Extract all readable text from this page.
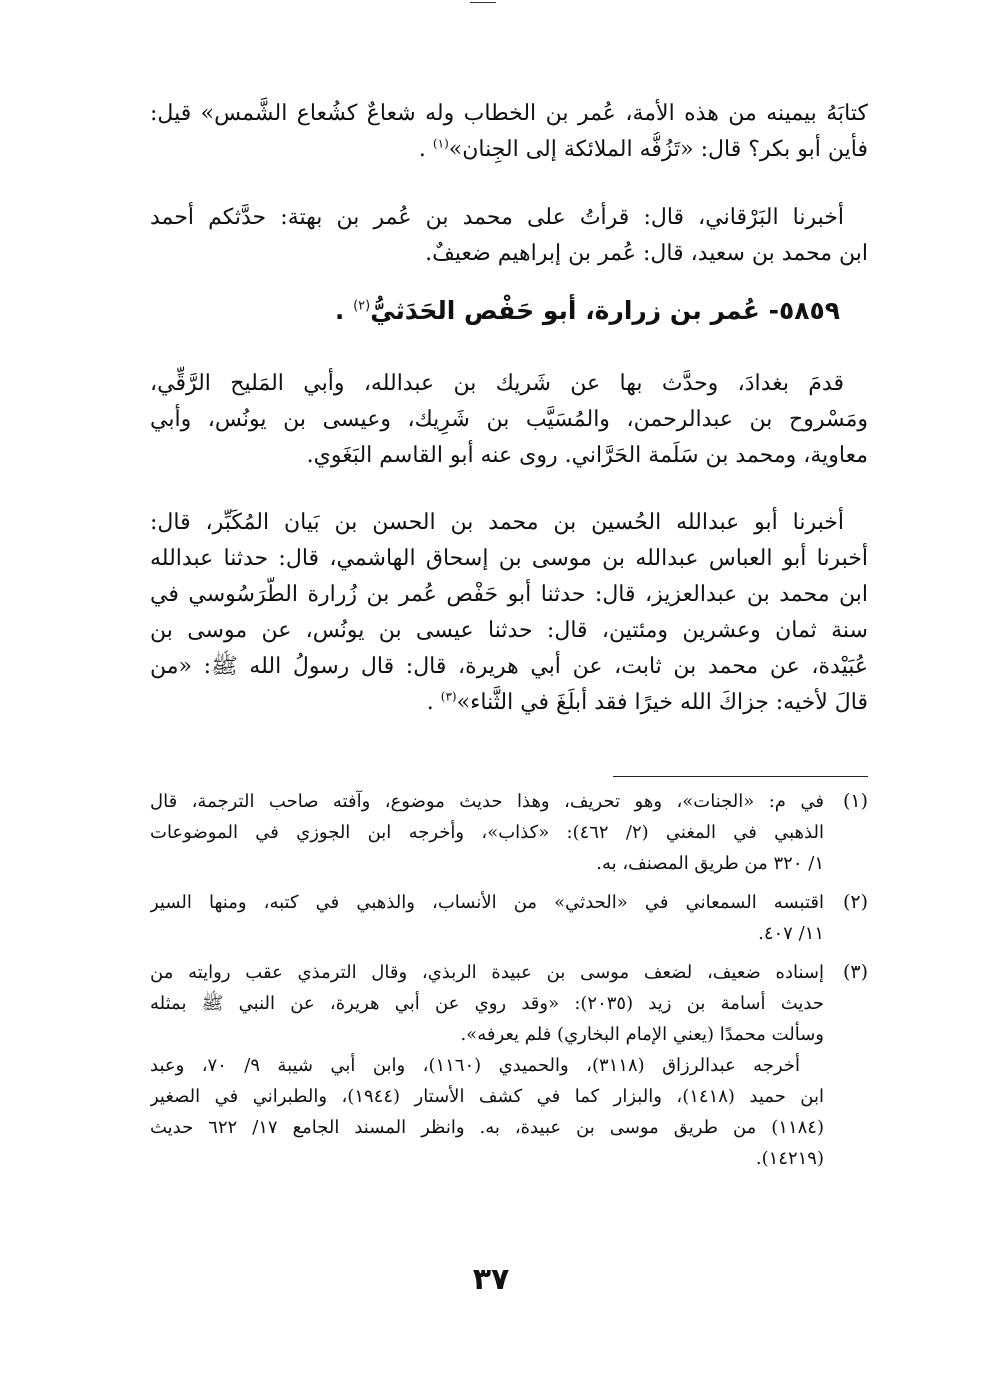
كتابَهُ بيمينه من هذه الأمة، عُمر بن الخطاب وله شعاعٌ كشُعاع الشَّمس» قيل:
فأين أبو بكر؟ قال: «تَزُفُّه الملائكة إلى الجِنان»$^{(١)}$ .
أخبرنا البَرْقاني، قال: قرأتُ على محمد بن عُمر بن بهتة: حدَّثكم أحمد
ابن محمد بن سعيد، قال: عُمر بن إبراهيم ضعيفٌ.
٥٨٥٩- عُمر بن زرارة، أبو حَفْص الحَدَثيُّ$^{(٢)}$ .
قدمَ بغدادَ، وحدَّث بها عن شَريك بن عبدالله، وأبي المَليح الرَّقِّي،
ومَسْروح بن عبدالرحمن، والمُسَيَّب بن شَرِيك، وعيسى بن يونُس، وأبي
معاوية، ومحمد بن سَلَمة الحَرَّاني. روى عنه أبو القاسم البَغَوي.
أخبرنا أبو عبدالله الحُسين بن محمد بن الحسن بن بَيان المُكَبِّر، قال:
أخبرنا أبو العباس عبدالله بن موسى بن إسحاق الهاشمي، قال: حدثنا عبدالله
ابن محمد بن عبدالعزيز، قال: حدثنا أبو حَفْص عُمر بن زُرارة الطَّرَسُوسي في
سنة ثمان وعشرين ومئتين، قال: حدثنا عيسى بن يونُس، عن موسى بن
عُبَيْدة، عن محمد بن ثابت، عن أبي هريرة، قال: قال رسولُ الله ﷺ: «من
قالَ لأخيه: جزاكَ الله خيرًا فقد أبلَغَ في الثَّناء»$^{(٣)}$ .
(١)
في م: «الجنات»، وهو تحريف، وهذا حديث موضوع، وآفته صاحب الترجمة، قال
الذهبي في المغني (٢/ ٤٦٢): «كذاب»، وأخرجه ابن الجوزي في الموضوعات
١/ ٣٢٠ من طريق المصنف، به.
(٢)
اقتبسه السمعاني في «الحدثي» من الأنساب، والذهبي في كتبه، ومنها السير
١١/ ٤٠٧.
(٣)
إسناده ضعيف، لضعف موسى بن عبيدة الربذي، وقال الترمذي عقب روايته من
حديث أسامة بن زيد (٢٠٣٥): «وقد روي عن أبي هريرة، عن النبي ﷺ بمثله
وسألت محمدًا (يعني الإمام البخاري) فلم يعرفه».
أخرجه عبدالرزاق (٣١١٨)، والحميدي (١١٦٠)، وابن أبي شيبة ٩/ ٧٠، وعبد
ابن حميد (١٤١٨)، والبزار كما في كشف الأستار (١٩٤٤)، والطبراني في الصغير
(١١٨٤) من طريق موسى بن عبيدة، به. وانظر المسند الجامع ١٧/ ٦٢٢ حديث
(١٤٢١٩).
٣٧
